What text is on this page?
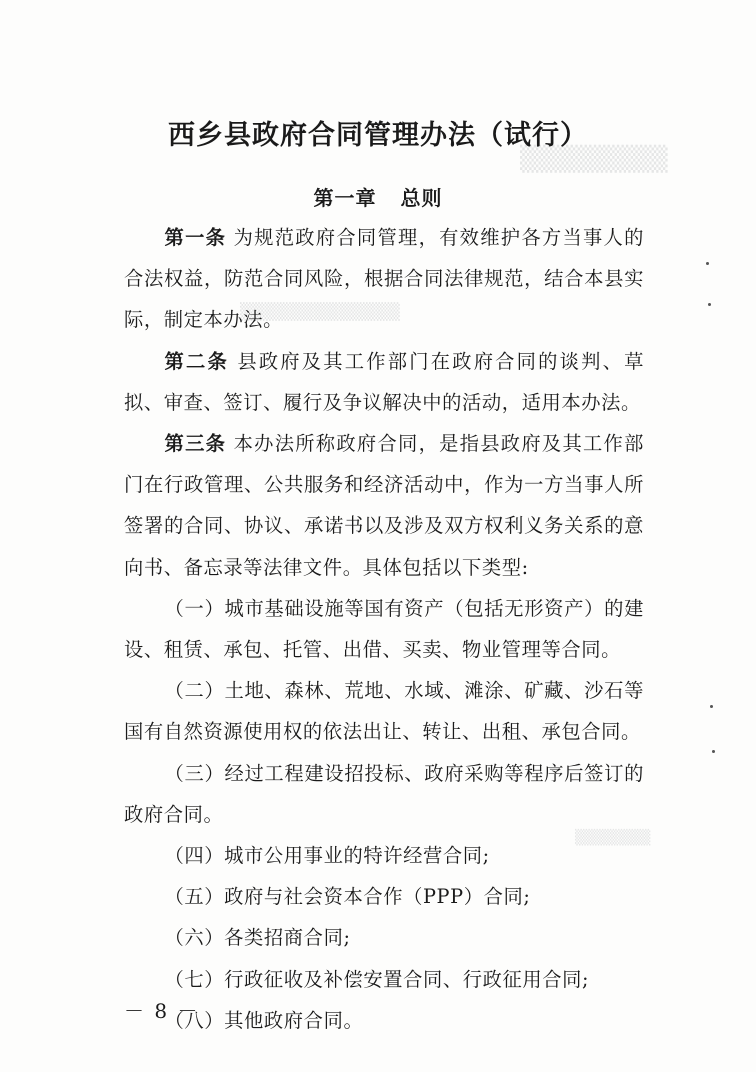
▒▒▒▒▒▒▒▒
▒▒▒▒▒▒▒▒▒▒▒▒▒
▒▒▒▒▒▒▒
西乡县政府合同管理办法（试行）
第一章 总则

第一条 为规范政府合同管理，有效维护各方当事人的合法权益，防范合同风险，根据合同法律规范，结合本县实际，制定本办法。

第二条 县政府及其工作部门在政府合同的谈判、草拟、审查、签订、履行及争议解决中的活动，适用本办法。

第三条 本办法所称政府合同，是指县政府及其工作部门在行政管理、公共服务和经济活动中，作为一方当事人所签署的合同、协议、承诺书以及涉及双方权利义务关系的意向书、备忘录等法律文件。具体包括以下类型:

（一）城市基础设施等国有资产（包括无形资产）的建设、租赁、承包、托管、出借、买卖、物业管理等合同。

（二）土地、森林、荒地、水域、滩涂、矿藏、沙石等国有自然资源使用权的依法出让、转让、出租、承包合同。

（三）经过工程建设招投标、政府采购等程序后签订的政府合同。

（四）城市公用事业的特许经营合同;

（五）政府与社会资本合作（PPP）合同;

（六）各类招商合同;

（七）行政征收及补偿安置合同、行政征用合同;

（八）其他政府合同。

－ 8 －
